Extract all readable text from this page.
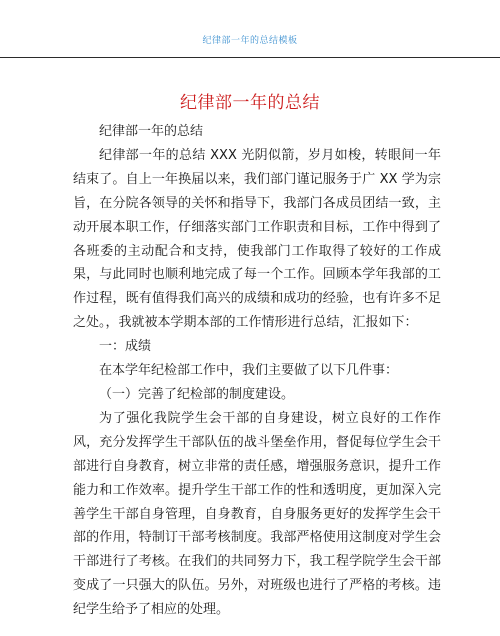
纪律部一年的总结模板
纪律部一年的总结

纪律部一年的总结

纪律部一年的总结 XXX 光阴似箭，岁月如梭，转眼间一年结束了。自上一年换届以来，我们部门谨记服务于广 XX 学为宗旨，在分院各领导的关怀和指导下，我部门各成员团结一致，主动开展本职工作，仔细落实部门工作职责和目标，工作中得到了各班委的主动配合和支持，使我部门工作取得了较好的工作成果，与此同时也顺利地完成了每一个工作。回顾本学年我部的工作过程，既有值得我们高兴的成绩和成功的经验，也有许多不足之处。，我就被本学期本部的工作情形进行总结，汇报如下：

一：成绩

在本学年纪检部工作中，我们主要做了以下几件事：

（一）完善了纪检部的制度建设。

为了强化我院学生会干部的自身建设，树立良好的工作作风，充分发挥学生干部队伍的战斗堡垒作用，督促每位学生会干部进行自身教育，树立非常的责任感，增强服务意识，提升工作能力和工作效率。提升学生干部工作的性和透明度，更加深入完善学生干部自身管理，自身教育，自身服务更好的发挥学生会干部的作用，特制订干部考核制度。我部严格使用这制度对学生会干部进行了考核。在我们的共同努力下，我工程学院学生会干部变成了一只强大的队伍。另外，对班级也进行了严格的考核。违纪学生给予了相应的处理。
